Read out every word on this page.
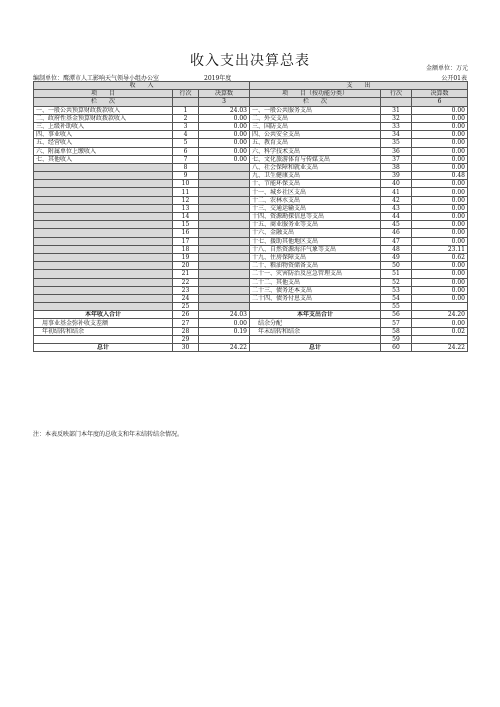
收入支出决算总表	金额单位：万元
编制单位：鹰潭市人工影响天气领导小组办公室	2019年度	公开01表
收　　入			支　　出		
项　　目	行次	决算数	项　　目（按功能分类）	行次	决算数
栏　　次		3	栏　　次		6
一、一般公共预算财政拨款收入	1	24.03	一、一般公共服务支出	31	0.00
二、政府性基金预算财政拨款收入	2	0.00	二、外交支出	32	0.00
三、上级补助收入	3	0.00	三、国防支出	33	0.00
四、事业收入	4	0.00	四、公共安全支出	34	0.00
五、经营收入	5	0.00	五、教育支出	35	0.00
六、附属单位上缴收入	6	0.00	六、科学技术支出	36	0.00
七、其他收入	7	0.00	七、文化旅游体育与传媒支出	37	0.00
	8		八、社会保障和就业支出	38	0.00
	9		九、卫生健康支出	39	0.48
	10		十、节能环保支出	40	0.00
	11		十一、城乡社区支出	41	0.00
	12		十二、农林水支出	42	0.00
	13		十三、交通运输支出	43	0.00
	14		十四、资源勘探信息等支出	44	0.00
	15		十五、商业服务业等支出	45	0.00
	16		十六、金融支出	46	0.00
	17		十七、援助其他地区支出	47	0.00
	18		十八、自然资源海洋气象等支出	48	23.11
	19		十九、住房保障支出	49	0.62
	20		二十、粮油物资储备支出	50	0.00
	21		二十一、灾害防治及应急管理支出	51	0.00
	22		二十二、其他支出	52	0.00
	23		二十三、债务还本支出	53	0.00
	24		二十四、债务付息支出	54	0.00
	25			55	
本年收入合计	26	24.03	本年支出合计	56	24.20
用事业基金弥补收支差额	27	0.00	结余分配	57	0.00
年初结转和结余	28	0.19	年末结转和结余	58	0.02
	29			59	
总计	30	24.22	总计	60	24.22
注：本表反映部门本年度的总收支和年末结转结余情况。
